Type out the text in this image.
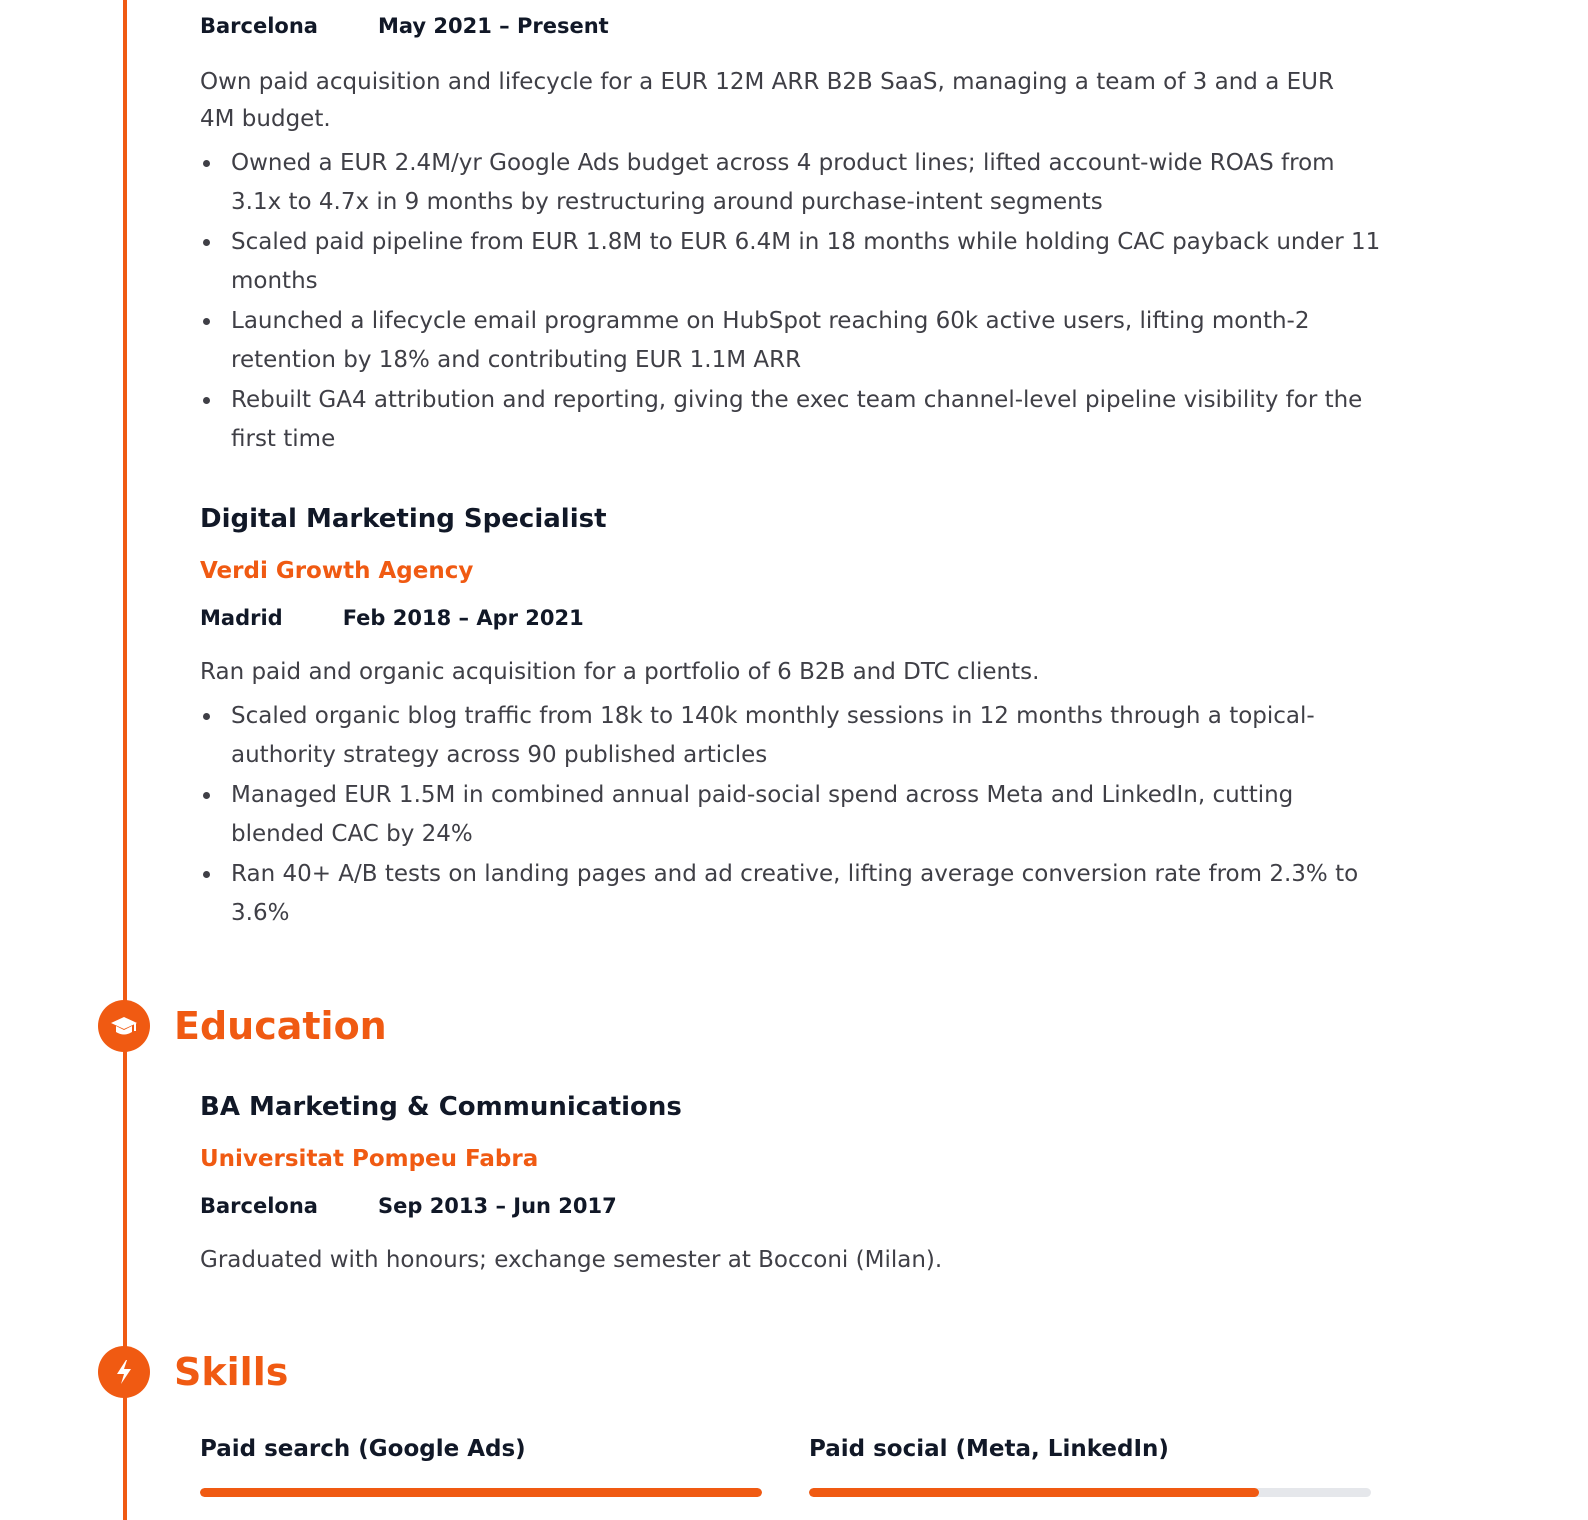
Barcelona	May 2021 – Present

Own paid acquisition and lifecycle for a EUR 12M ARR B2B SaaS, managing a team of 3 and a EUR 4M budget.

Owned a EUR 2.4M/yr Google Ads budget across 4 product lines; lifted account-wide ROAS from 3.1x to 4.7x in 9 months by restructuring around purchase-intent segments
Scaled paid pipeline from EUR 1.8M to EUR 6.4M in 18 months while holding CAC payback under 11 months
Launched a lifecycle email programme on HubSpot reaching 60k active users, lifting month-2 retention by 18% and contributing EUR 1.1M ARR
Rebuilt GA4 attribution and reporting, giving the exec team channel-level pipeline visibility for the first time
Digital Marketing Specialist

Verdi Growth Agency

Madrid	Feb 2018 – Apr 2021

Ran paid and organic acquisition for a portfolio of 6 B2B and DTC clients.

Scaled organic blog traffic from 18k to 140k monthly sessions in 12 months through a topical-authority strategy across 90 published articles
Managed EUR 1.5M in combined annual paid-social spend across Meta and LinkedIn, cutting blended CAC by 24%
Ran 40+ A/B tests on landing pages and ad creative, lifting average conversion rate from 2.3% to 3.6%
BA Marketing & Communications

Universitat Pompeu Fabra

Barcelona	Sep 2013 – Jun 2017

Graduated with honours; exchange semester at Bocconi (Milan).

Paid search (Google Ads)	Paid social (Meta, LinkedIn)
Education
Skills
